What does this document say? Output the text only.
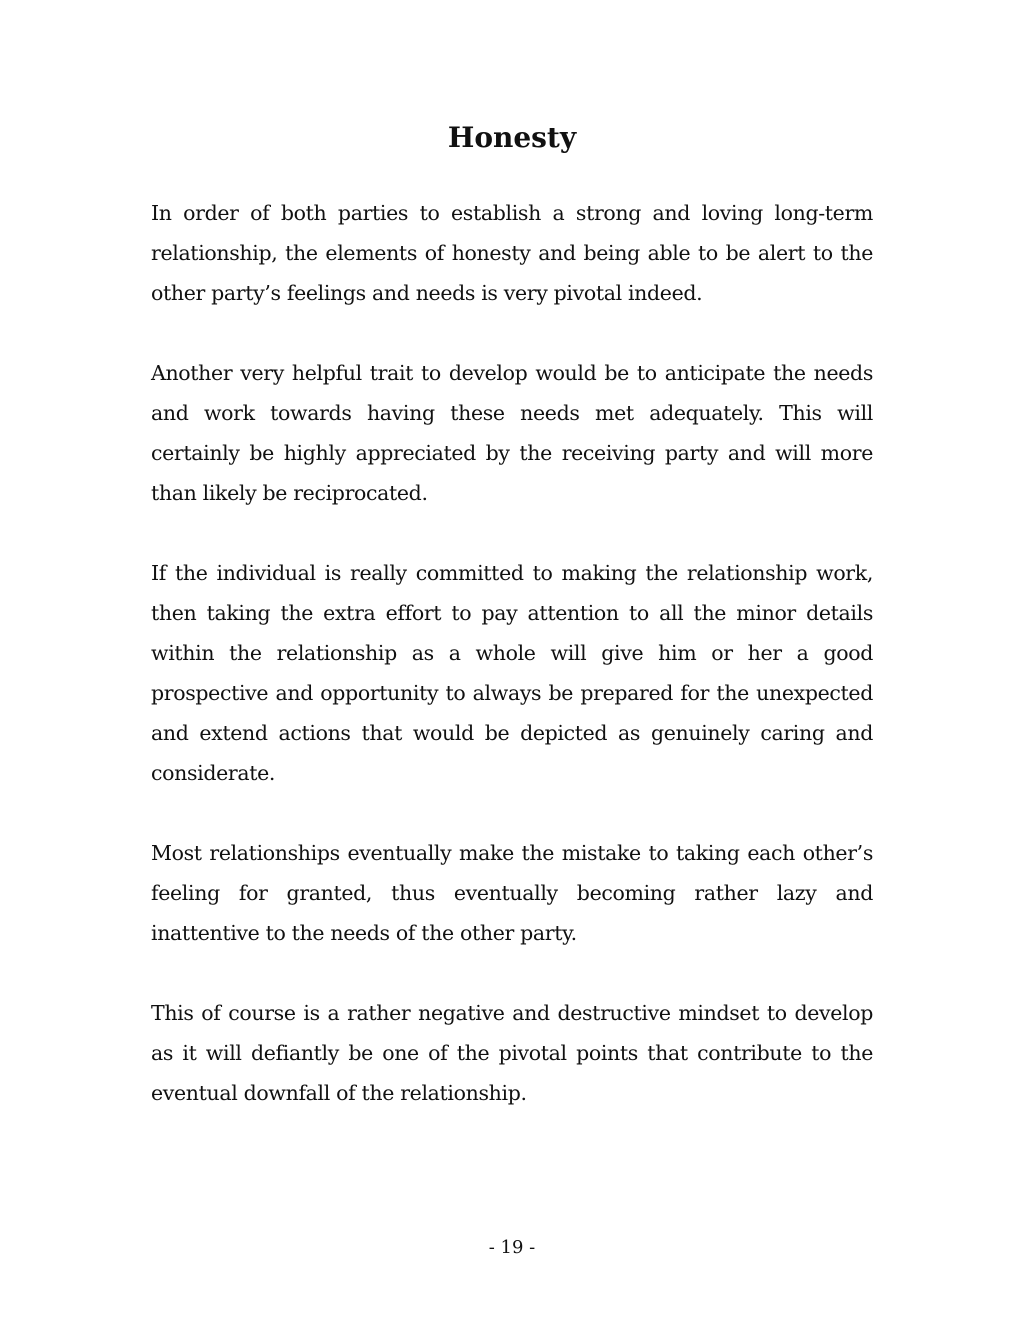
Honesty

In order of both parties to establish a strong and loving long-term relationship, the elements of honesty and being able to be alert to the other party’s feelings and needs is very pivotal indeed.

Another very helpful trait to develop would be to anticipate the needs and work towards having these needs met adequately. This will certainly be highly appreciated by the receiving party and will more than likely be reciprocated.

If the individual is really committed to making the relationship work, then taking the extra effort to pay attention to all the minor details within the relationship as a whole will give him or her a good prospective and opportunity to always be prepared for the unexpected and extend actions that would be depicted as genuinely caring and considerate.

Most relationships eventually make the mistake to taking each other’s feeling for granted, thus eventually becoming rather lazy and inattentive to the needs of the other party.

This of course is a rather negative and destructive mindset to develop as it will defiantly be one of the pivotal points that contribute to the eventual downfall of the relationship.

- 19 -
